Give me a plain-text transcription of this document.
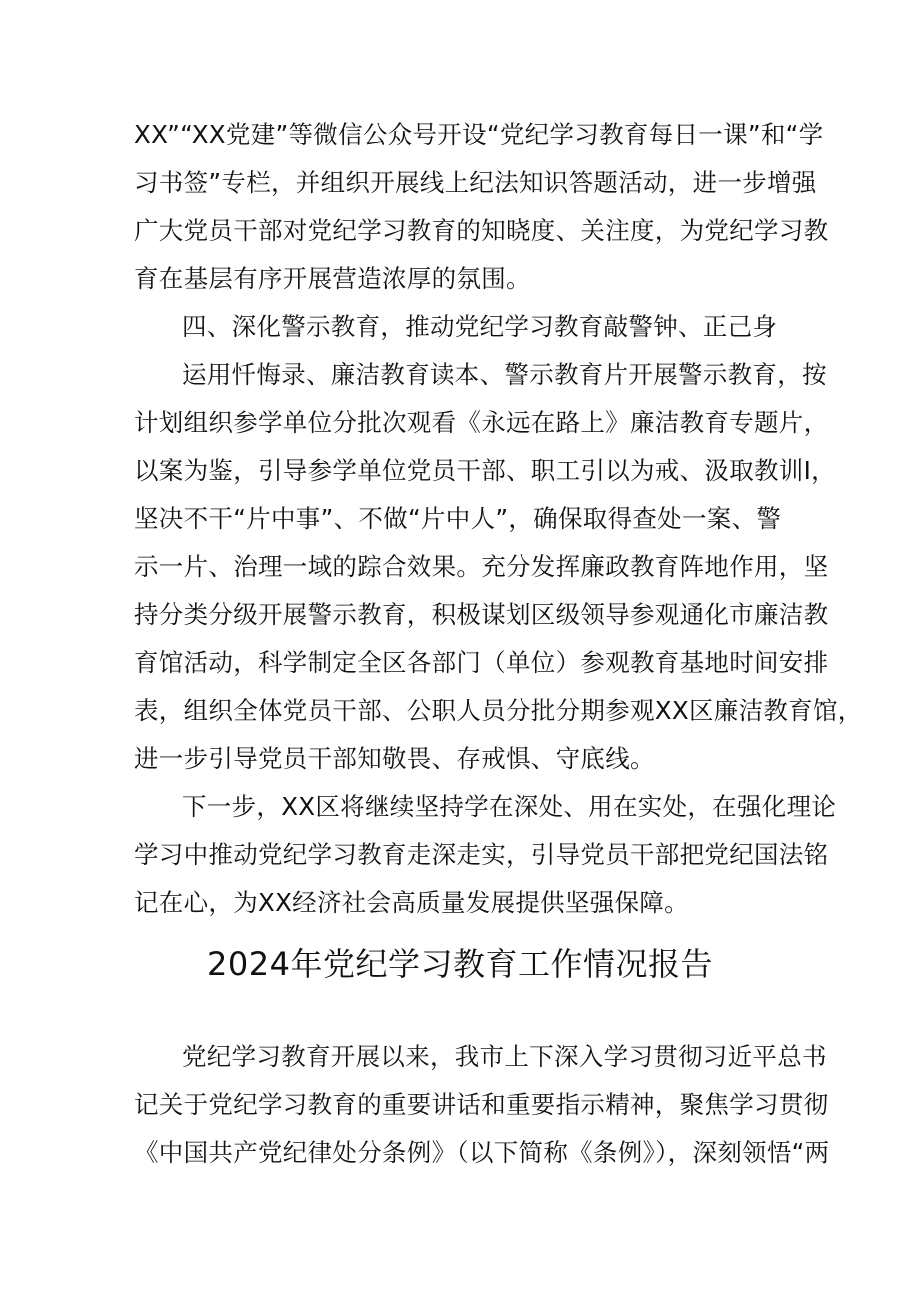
XX”“XX党建”等微信公众号开设“党纪学习教育每日一课”和“学
习书签”专栏，并组织开展线上纪法知识答题活动，进一步增强
广大党员干部对党纪学习教育的知晓度、关注度，为党纪学习教
育在基层有序开展营造浓厚的氛围。
四、深化警示教育，推动党纪学习教育敲警钟、正己身
运用忏悔录、廉洁教育读本、警示教育片开展警示教育，按
计划组织参学单位分批次观看《永远在路上》廉洁教育专题片，
以案为鉴，引导参学单位党员干部、职工引以为戒、汲取教训I，
坚决不干“片中事”、不做“片中人”，确保取得查处一案、警
示一片、治理一域的踪合效果。充分发挥廉政教育阵地作用，坚
持分类分级开展警示教育，积极谋划区级领导参观通化市廉洁教
育馆活动，科学制定全区各部门（单位）参观教育基地时间安排
表，组织全体党员干部、公职人员分批分期参观XX区廉洁教育馆，
进一步引导党员干部知敬畏、存戒惧、守底线。
下一步，XX区将继续坚持学在深处、用在实处，在强化理论
学习中推动党纪学习教育走深走实，引导党员干部把党纪国法铭
记在心，为XX经济社会高质量发展提供坚强保障。
2024年党纪学习教育工作情况报告
党纪学习教育开展以来，我市上下深入学习贯彻习近平总书
记关于党纪学习教育的重要讲话和重要指示精神，聚焦学习贯彻
《中国共产党纪律处分条例》（以下简称《条例》），深刻领悟“两
